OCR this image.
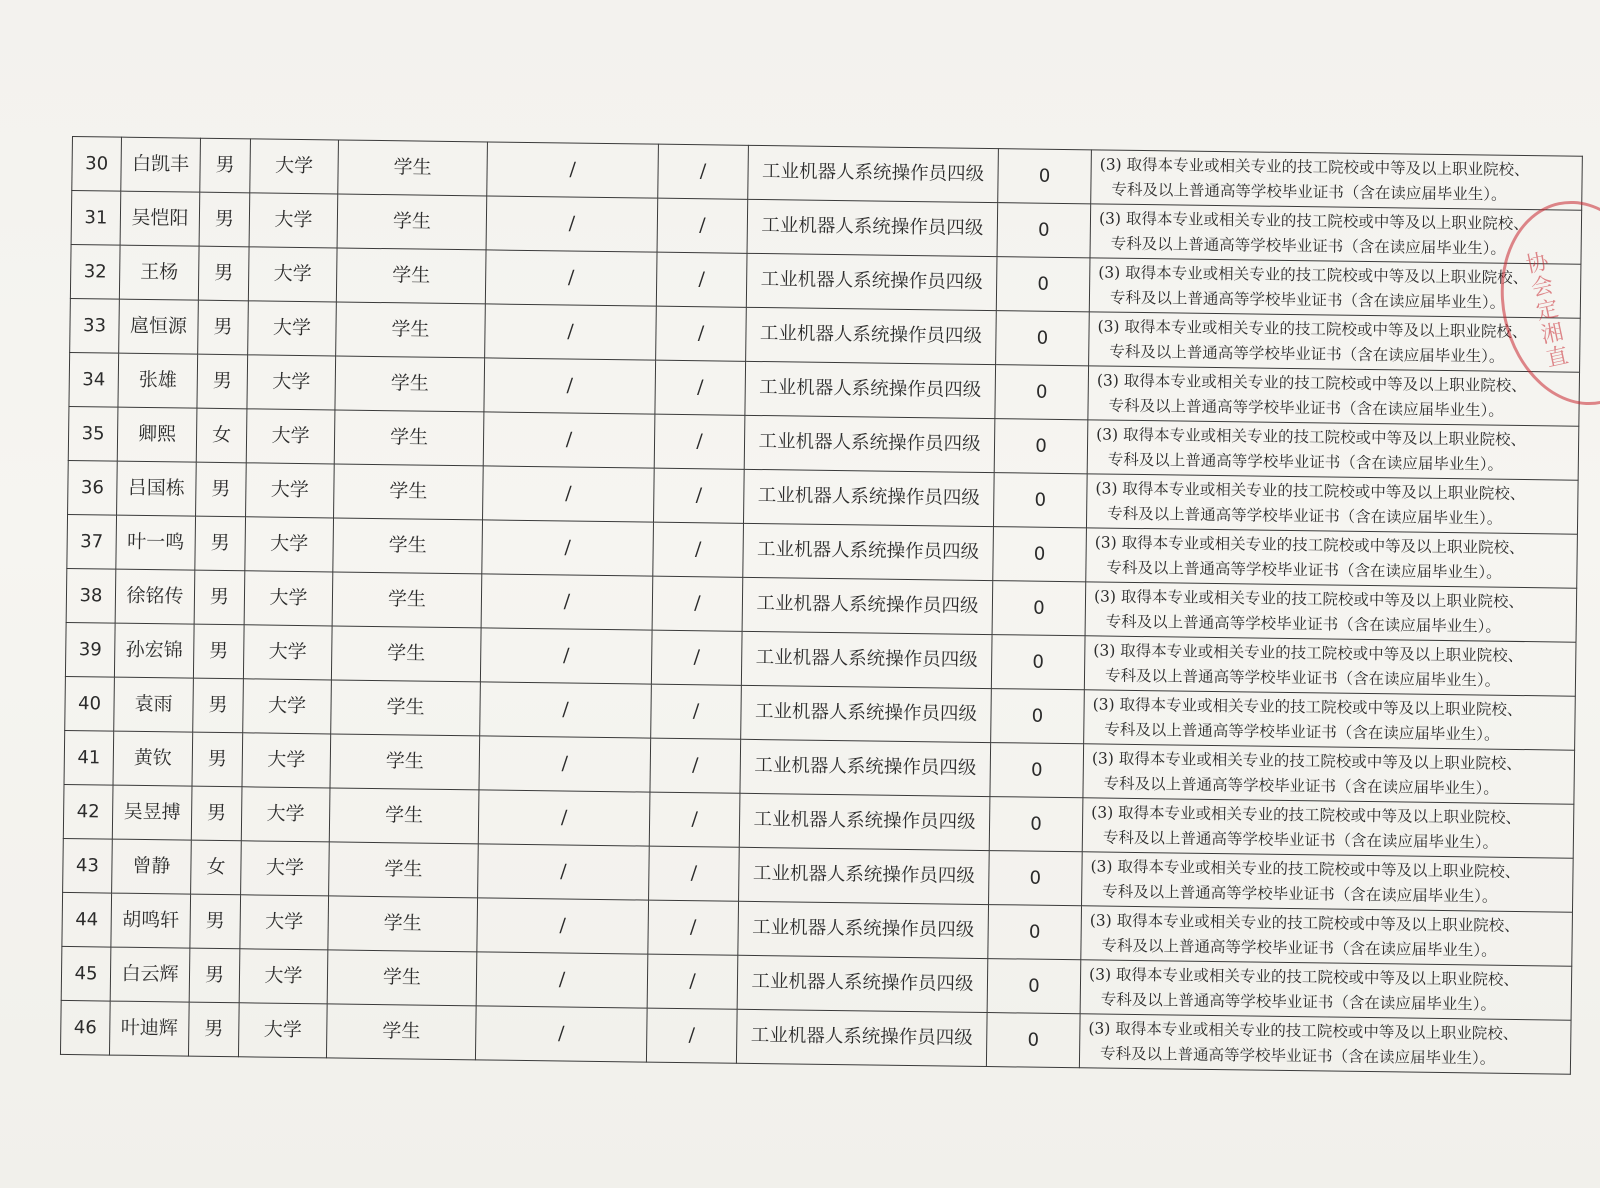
30	白凯丰	男	大学	学生	/	/	工业机器人系统操作员四级	0	(3) 取得本专业或相关专业的技工院校或中等及以上职业院校、
专科及以上普通高等学校毕业证书（含在读应届毕业生）。

31	吴恺阳	男	大学	学生	/	/	工业机器人系统操作员四级	0	(3) 取得本专业或相关专业的技工院校或中等及以上职业院校、
专科及以上普通高等学校毕业证书（含在读应届毕业生）。

32	王杨	男	大学	学生	/	/	工业机器人系统操作员四级	0	(3) 取得本专业或相关专业的技工院校或中等及以上职业院校、
专科及以上普通高等学校毕业证书（含在读应届毕业生）。

33	扈恒源	男	大学	学生	/	/	工业机器人系统操作员四级	0	(3) 取得本专业或相关专业的技工院校或中等及以上职业院校、
专科及以上普通高等学校毕业证书（含在读应届毕业生）。

34	张雄	男	大学	学生	/	/	工业机器人系统操作员四级	0	(3) 取得本专业或相关专业的技工院校或中等及以上职业院校、
专科及以上普通高等学校毕业证书（含在读应届毕业生）。

35	卿熙	女	大学	学生	/	/	工业机器人系统操作员四级	0	(3) 取得本专业或相关专业的技工院校或中等及以上职业院校、
专科及以上普通高等学校毕业证书（含在读应届毕业生）。

36	吕国栋	男	大学	学生	/	/	工业机器人系统操作员四级	0	(3) 取得本专业或相关专业的技工院校或中等及以上职业院校、
专科及以上普通高等学校毕业证书（含在读应届毕业生）。

37	叶一鸣	男	大学	学生	/	/	工业机器人系统操作员四级	0	(3) 取得本专业或相关专业的技工院校或中等及以上职业院校、
专科及以上普通高等学校毕业证书（含在读应届毕业生）。

38	徐铭传	男	大学	学生	/	/	工业机器人系统操作员四级	0	(3) 取得本专业或相关专业的技工院校或中等及以上职业院校、
专科及以上普通高等学校毕业证书（含在读应届毕业生）。

39	孙宏锦	男	大学	学生	/	/	工业机器人系统操作员四级	0	(3) 取得本专业或相关专业的技工院校或中等及以上职业院校、
专科及以上普通高等学校毕业证书（含在读应届毕业生）。

40	袁雨	男	大学	学生	/	/	工业机器人系统操作员四级	0	(3) 取得本专业或相关专业的技工院校或中等及以上职业院校、
专科及以上普通高等学校毕业证书（含在读应届毕业生）。

41	黄钦	男	大学	学生	/	/	工业机器人系统操作员四级	0	(3) 取得本专业或相关专业的技工院校或中等及以上职业院校、
专科及以上普通高等学校毕业证书（含在读应届毕业生）。

42	吴昱搏	男	大学	学生	/	/	工业机器人系统操作员四级	0	(3) 取得本专业或相关专业的技工院校或中等及以上职业院校、
专科及以上普通高等学校毕业证书（含在读应届毕业生）。

43	曾静	女	大学	学生	/	/	工业机器人系统操作员四级	0	(3) 取得本专业或相关专业的技工院校或中等及以上职业院校、
专科及以上普通高等学校毕业证书（含在读应届毕业生）。

44	胡鸣轩	男	大学	学生	/	/	工业机器人系统操作员四级	0	(3) 取得本专业或相关专业的技工院校或中等及以上职业院校、
专科及以上普通高等学校毕业证书（含在读应届毕业生）。

45	白云辉	男	大学	学生	/	/	工业机器人系统操作员四级	0	(3) 取得本专业或相关专业的技工院校或中等及以上职业院校、
专科及以上普通高等学校毕业证书（含在读应届毕业生）。

46	叶迪辉	男	大学	学生	/	/	工业机器人系统操作员四级	0	(3) 取得本专业或相关专业的技工院校或中等及以上职业院校、
专科及以上普通高等学校毕业证书（含在读应届毕业生）。
协会定湘直
